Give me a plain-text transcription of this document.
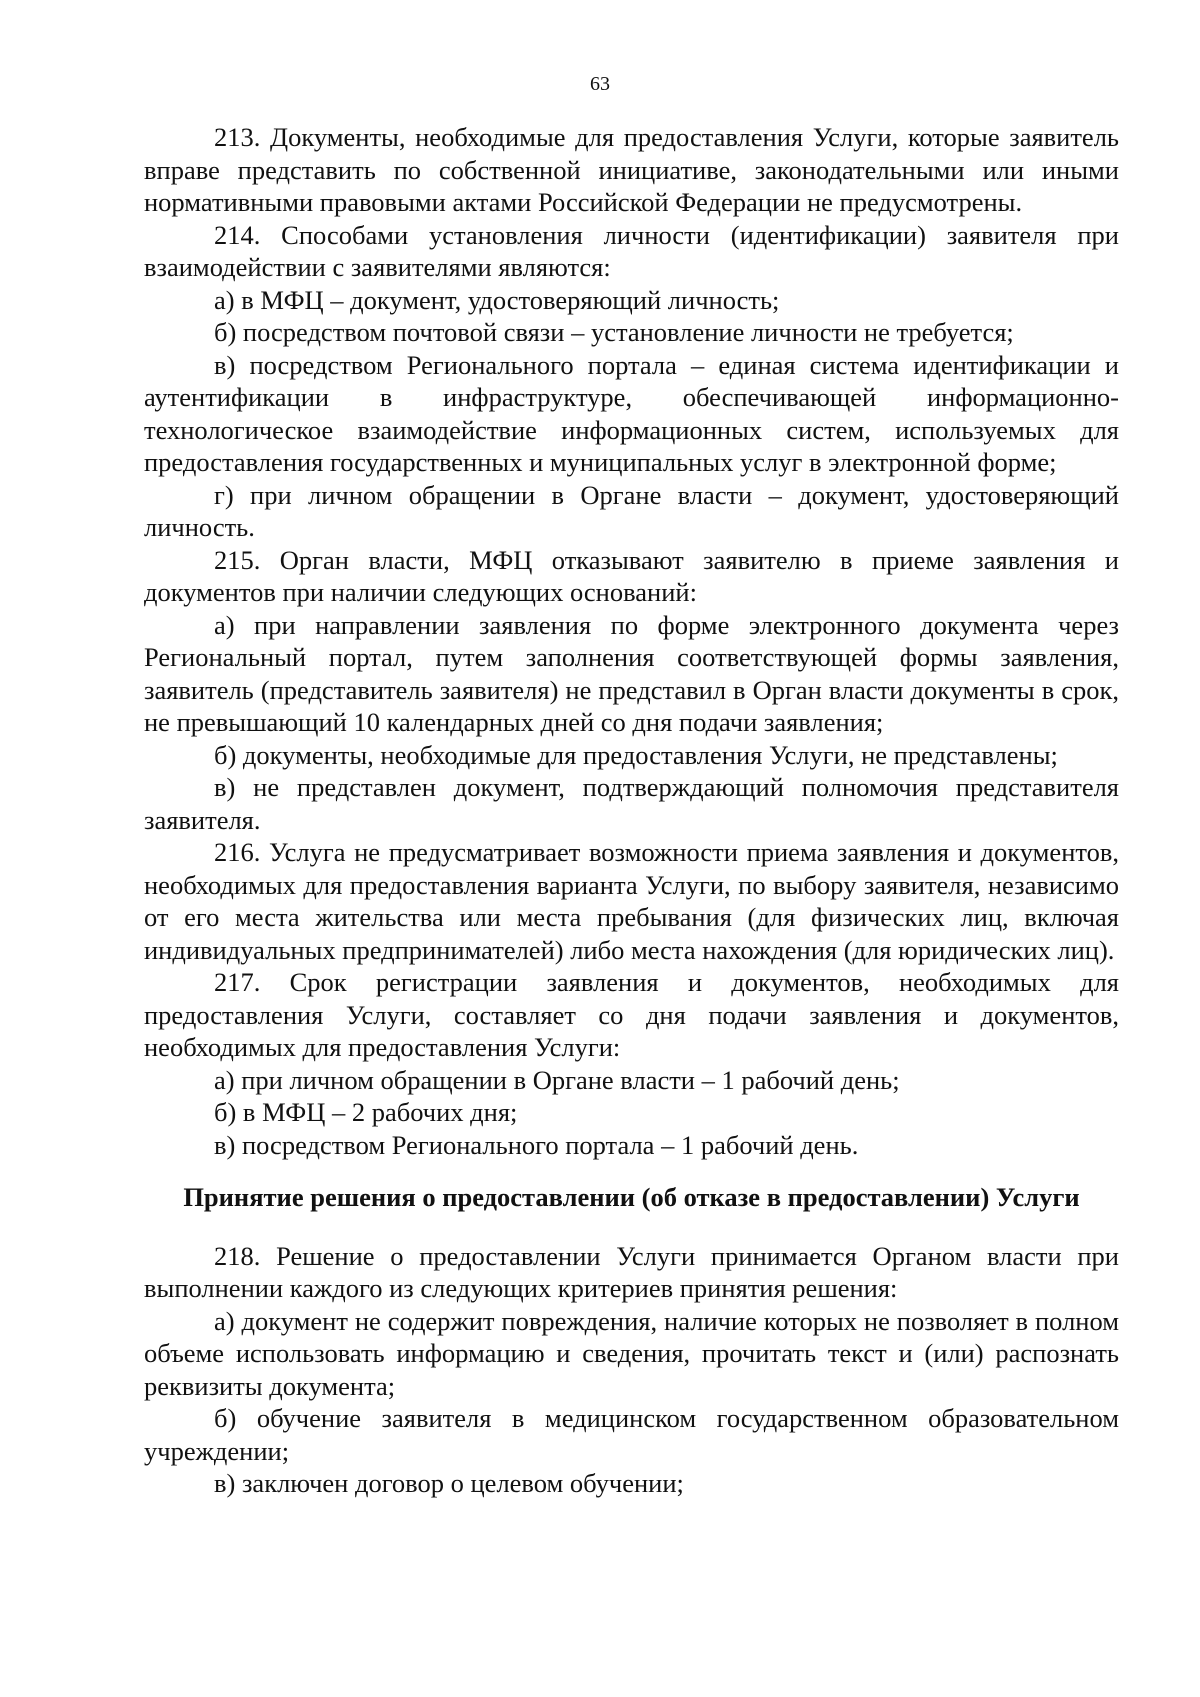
63

213. Документы, необходимые для предоставления Услуги, которые заявитель вправе представить по собственной инициативе, законодательными или иными нормативными правовыми актами Российской Федерации не предусмотрены.

214. Способами установления личности (идентификации) заявителя при взаимодействии с заявителями являются:

а) в МФЦ – документ, удостоверяющий личность;

б) посредством почтовой связи – установление личности не требуется;

в) посредством Регионального портала – единая система идентификации и аутентификации в инфраструктуре, обеспечивающей информационно-технологическое взаимодействие информационных систем, используемых для предоставления государственных и муниципальных услуг в электронной форме;

г) при личном обращении в Органе власти – документ, удостоверяющий личность.

215. Орган власти, МФЦ отказывают заявителю в приеме заявления и документов при наличии следующих оснований:

а) при направлении заявления по форме электронного документа через Региональный портал, путем заполнения соответствующей формы заявления, заявитель (представитель заявителя) не представил в Орган власти документы в срок, не превышающий 10 календарных дней со дня подачи заявления;

б) документы, необходимые для предоставления Услуги, не представлены;

в) не представлен документ, подтверждающий полномочия представителя заявителя.

216. Услуга не предусматривает возможности приема заявления и документов, необходимых для предоставления варианта Услуги, по выбору заявителя, независимо от его места жительства или места пребывания (для физических лиц, включая индивидуальных предпринимателей) либо места нахождения (для юридических лиц).

217. Срок регистрации заявления и документов, необходимых для предоставления Услуги, составляет со дня подачи заявления и документов, необходимых для предоставления Услуги:

а) при личном обращении в Органе власти – 1 рабочий день;

б) в МФЦ – 2 рабочих дня;

в) посредством Регионального портала – 1 рабочий день.

Принятие решения о предоставлении (об отказе в предоставлении) Услуги

218. Решение о предоставлении Услуги принимается Органом власти при выполнении каждого из следующих критериев принятия решения:

а) документ не содержит повреждения, наличие которых не позволяет в полном объеме использовать информацию и сведения, прочитать текст и (или) распознать реквизиты документа;

б) обучение заявителя в медицинском государственном образовательном учреждении;

в) заключен договор о целевом обучении;
